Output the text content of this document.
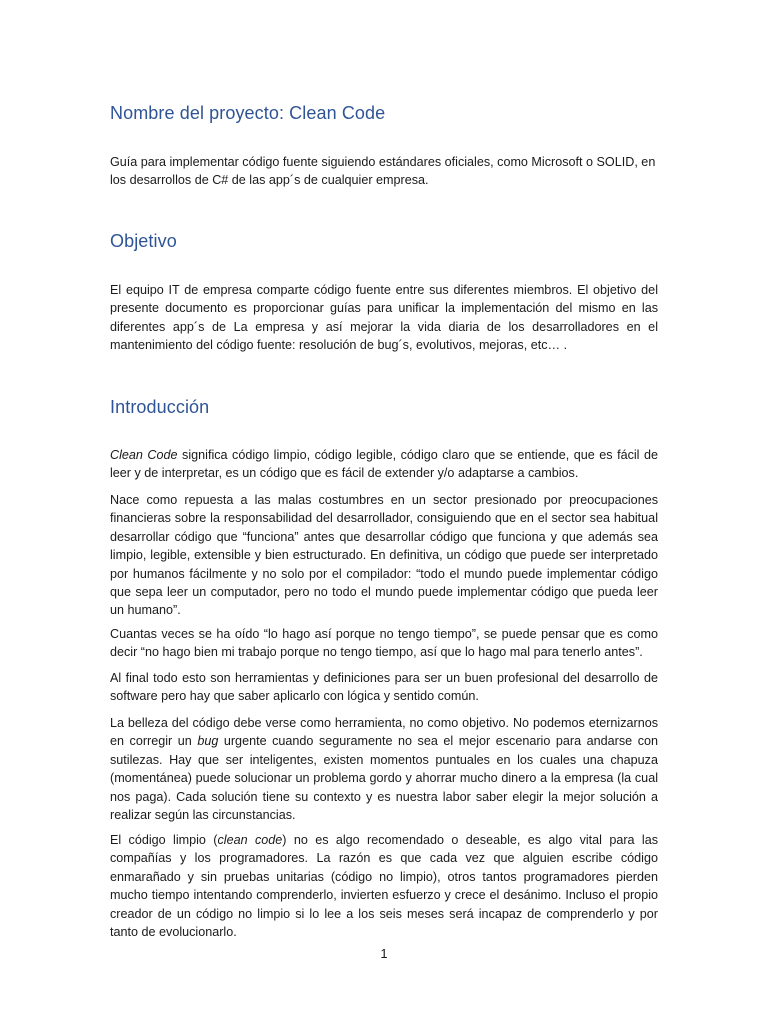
Nombre del proyecto: Clean Code

Guía para implementar código fuente siguiendo estándares oficiales, como Microsoft o SOLID, en los desarrollos de C# de las app´s de cualquier empresa.

Objetivo

El equipo IT de empresa comparte código fuente entre sus diferentes miembros. El objetivo del presente documento es proporcionar guías para unificar la implementación del mismo en las diferentes app´s de La empresa y así mejorar la vida diaria de los desarrolladores en el mantenimiento del código fuente: resolución de bug´s, evolutivos, mejoras, etc… .

Introducción

Clean Code significa código limpio, código legible, código claro que se entiende, que es fácil de leer y de interpretar, es un código que es fácil de extender y/o adaptarse a cambios.

Nace como repuesta a las malas costumbres en un sector presionado por preocupaciones financieras sobre la responsabilidad del desarrollador, consiguiendo que en el sector sea habitual desarrollar código que “funciona” antes que desarrollar código que funciona y que además sea limpio, legible, extensible y bien estructurado. En definitiva, un código que puede ser interpretado por humanos fácilmente y no solo por el compilador: “todo el mundo puede implementar código que sepa leer un computador, pero no todo el mundo puede implementar código que pueda leer un humano”.

Cuantas veces se ha oído “lo hago así porque no tengo tiempo”, se puede pensar que es como decir “no hago bien mi trabajo porque no tengo tiempo, así que lo hago mal para tenerlo antes”.

Al final todo esto son herramientas y definiciones para ser un buen profesional del desarrollo de software pero hay que saber aplicarlo con lógica y sentido común.

La belleza del código debe verse como herramienta, no como objetivo. No podemos eternizarnos en corregir un bug urgente cuando seguramente no sea el mejor escenario para andarse con sutilezas. Hay que ser inteligentes, existen momentos puntuales en los cuales una chapuza (momentánea) puede solucionar un problema gordo y ahorrar mucho dinero a la empresa (la cual nos paga). Cada solución tiene su contexto y es nuestra labor saber elegir la mejor solución a realizar según las circunstancias.

El código limpio (clean code) no es algo recomendado o deseable, es algo vital para las compañías y los programadores. La razón es que cada vez que alguien escribe código enmarañado y sin pruebas unitarias (código no limpio), otros tantos programadores pierden mucho tiempo intentando comprenderlo, invierten esfuerzo y crece el desánimo. Incluso el propio creador de un código no limpio si lo lee a los seis meses será incapaz de comprenderlo y por tanto de evolucionarlo.

1
